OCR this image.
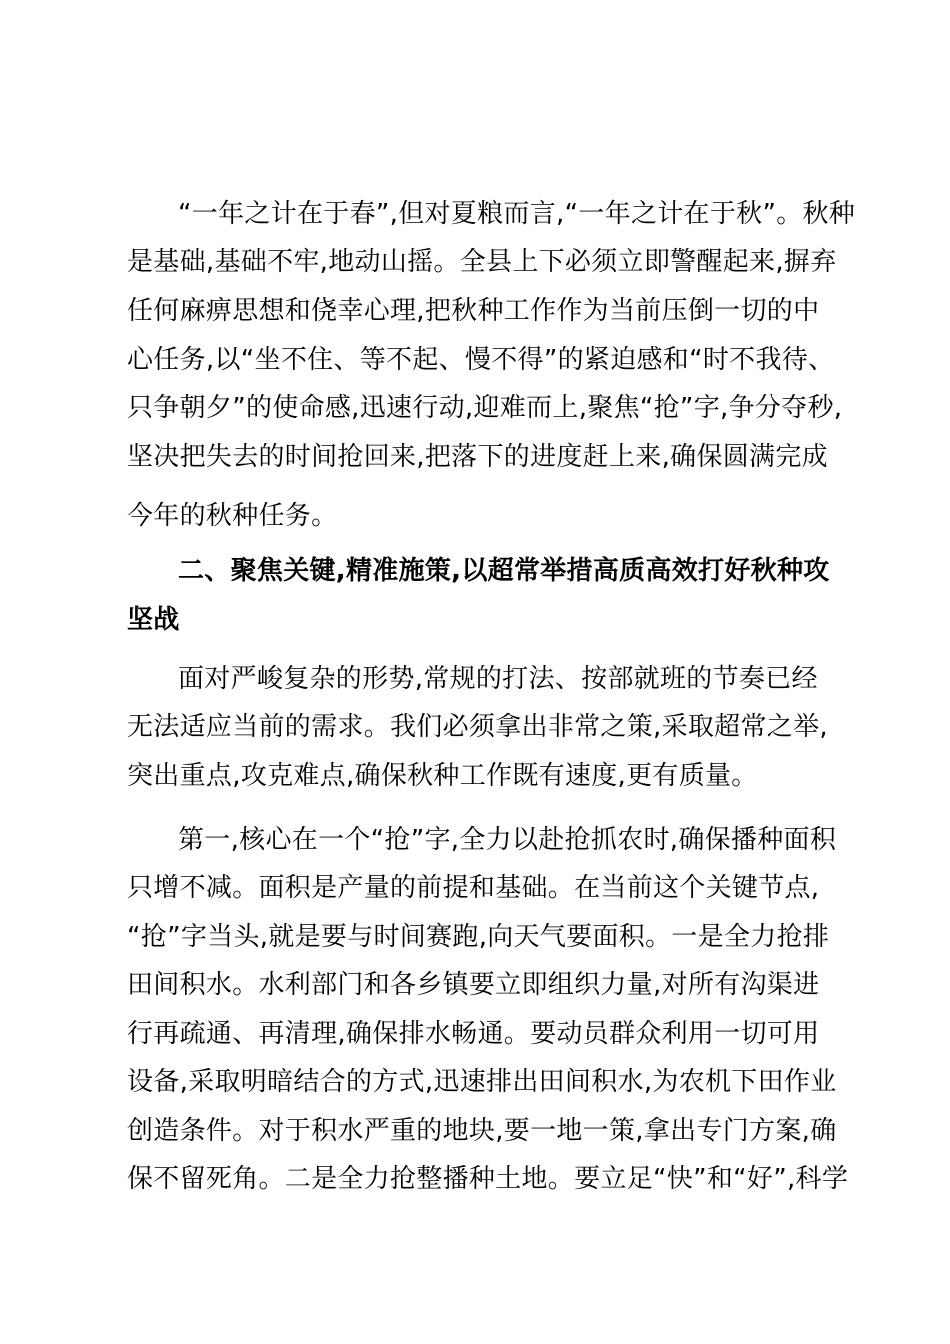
“一年之计在于春”,但对夏粮而言,“一年之计在于秋”。秋种
是基础,基础不牢,地动山摇。全县上下必须立即警醒起来,摒弃
任何麻痹思想和侥幸心理,把秋种工作作为当前压倒一切的中
心任务,以“坐不住、等不起、慢不得”的紧迫感和“时不我待、
只争朝夕”的使命感,迅速行动,迎难而上,聚焦“抢”字,争分夺秒,
坚决把失去的时间抢回来,把落下的进度赶上来,确保圆满完成
今年的秋种任务。
二、聚焦关键,精准施策,以超常举措高质高效打好秋种攻
坚战
面对严峻复杂的形势,常规的打法、按部就班的节奏已经
无法适应当前的需求。我们必须拿出非常之策,采取超常之举,
突出重点,攻克难点,确保秋种工作既有速度,更有质量。
第一,核心在一个“抢”字,全力以赴抢抓农时,确保播种面积
只增不减。面积是产量的前提和基础。在当前这个关键节点,
“抢”字当头,就是要与时间赛跑,向天气要面积。一是全力抢排
田间积水。水利部门和各乡镇要立即组织力量,对所有沟渠进
行再疏通、再清理,确保排水畅通。要动员群众利用一切可用
设备,采取明暗结合的方式,迅速排出田间积水,为农机下田作业
创造条件。对于积水严重的地块,要一地一策,拿出专门方案,确
保不留死角。二是全力抢整播种土地。要立足“快”和“好”,科学
